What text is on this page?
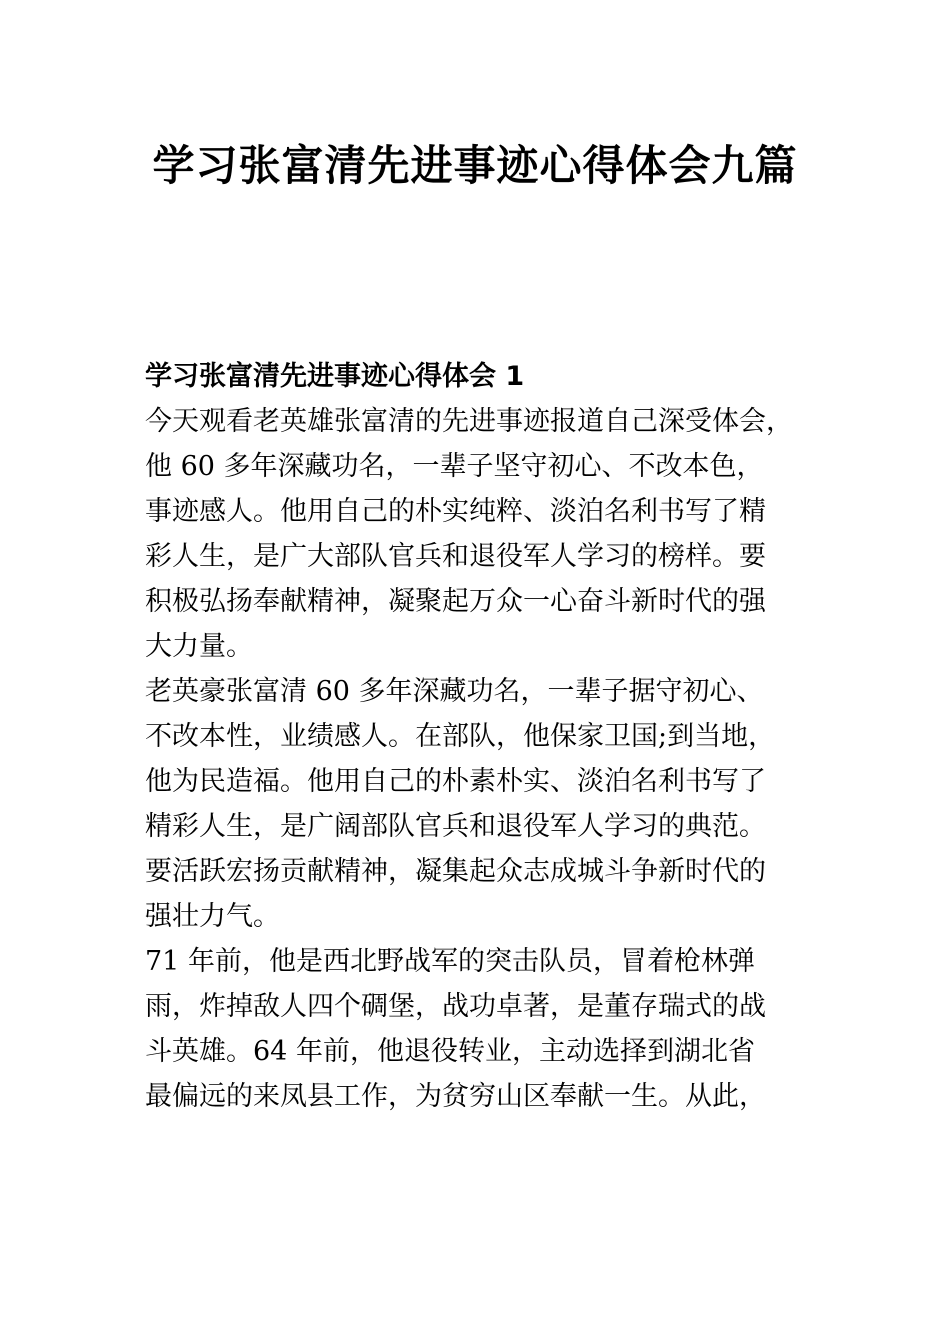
学习张富清先进事迹心得体会九篇
学习张富清先进事迹心得体会 1
今天观看老英雄张富清的先进事迹报道自己深受体会，
他 60 多年深藏功名，一辈子坚守初心、不改本色，
事迹感人。他用自己的朴实纯粹、淡泊名利书写了精
彩人生，是广大部队官兵和退役军人学习的榜样。要
积极弘扬奉献精神，凝聚起万众一心奋斗新时代的强
大力量。
老英豪张富清 60 多年深藏功名，一辈子据守初心、
不改本性，业绩感人。在部队，他保家卫国;到当地，
他为民造福。他用自己的朴素朴实、淡泊名利书写了
精彩人生，是广阔部队官兵和退役军人学习的典范。
要活跃宏扬贡献精神，凝集起众志成城斗争新时代的
强壮力气。
71 年前，他是西北野战军的突击队员，冒着枪林弹
雨，炸掉敌人四个碉堡，战功卓著，是董存瑞式的战
斗英雄。64 年前，他退役转业，主动选择到湖北省
最偏远的来凤县工作，为贫穷山区奉献一生。从此，
